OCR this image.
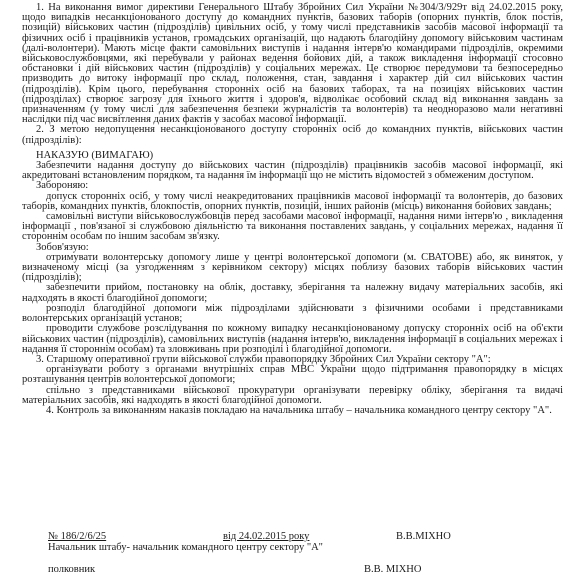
1. На виконання вимог директиви Генерального Штабу Збройних Сил України №304/3/929т від 24.02.2015 року, щодо випадків несанкціонованого доступу до командних пунктів, базових таборів (опорних пунктів, блок постів, позицій) військових частин (підрозділів) цивільних осіб, у тому числі представників засобів масової інформації та фізичних осіб і працівників установ, громадських організацій, що надають благодійну допомогу військовим частинам (далі-волонтери). Мають місце факти самовільних виступів і надання інтерв'ю командирами підрозділів, окремими військовослужбовцями, які перебували у районах ведення бойових дій, а також викладення інформації стосовно обстановки і дій військових частин (підрозділів) у соціальних мережах. Це створює передумови та безпосередньо призводить до витоку інформації про склад, положення, стан, завдання і характер дій сил військових частин (підрозділів). Крім цього, перебування сторонніх осіб на базових таборах, та на позиціях військових частин (підрозділах) створює загрозу для їхнього життя і здоров'я, відволікає особовий склад від виконання завдань за призначенням (у тому числі для забезпечення безпеки журналістів та волонтерів) та неодноразово мали негативні наслідки під час висвітлення даних фактів у засобах масової інформації.

2. З метою недопущення несанкціонованого доступу сторонніх осіб до командних пунктів, військових частин (підрозділів):

НАКАЗУЮ (ВИМАГАЮ)

Забезпечити надання доступу до військових частин (підрозділів) працівників засобів масової інформації, які акредитовані встановленим порядком, та надання їм інформації що не містить відомостей з обмеженим доступом.

Забороняю:

допуск сторонніх осіб, у тому числі неакредитованих працівників масової інформації та волонтерів, до базових таборів, командних пунктів, блокпостів, опорних пунктів, позицій, інших районів (місць) виконання бойових завдань;

самовільні виступи військовослужбовців перед засобами масової інформації, надання ними інтерв'ю , викладення інформації , пов'язаної зі службовою діяльністю та виконання поставлених завдань, у соціальних мережах, надання її стороннім особам по іншим засобам зв'язку.

Зобов'язую:

отримувати волонтерську допомогу лише у центрі волонтерської допомоги (м. СВАТОВЕ) або, як виняток, у визначеному місці (за узгодженням з керівником сектору) місцях поблизу базових таборів військових частин (підрозділів);

забезпечити прийом, постановку на облік, доставку, зберігання та належну видачу матеріальних засобів, які надходять в якості благодійної допомоги;

розподіл благодійної допомоги між підрозділами здійснювати з фізичними особами і представниками волонтерських організацій установ;

проводити службове розслідування по кожному випадку несанкціонованому допуску сторонніх осіб на об'єкти військових частин (підрозділів), самовільних виступів (надання інтерв'ю, викладення інформації в соціальних мережах і надання її стороннім особам) та зловживань при розподілі і благодійної допомоги.

3. Старшому оперативної групи військової служби правопорядку Збройних Сил України сектору "А":

організувати роботу з органами внутрішніх справ МВС України щодо підтримання правопорядку в місцях розташування центрів волонтерської допомоги;

спільно з представниками військової прокуратури організувати перевірку обліку, зберігання та видачі матеріальних засобів, які надходять в якості благодійної допомоги.

4. Контроль за виконанням наказів покладаю на начальника штабу – начальника командного центру сектору "А".

№ 186/2/6/25	від 24.02.2015 року	В.В.МІХНО
Начальник штабу- начальник командного центру сектору "А"
полковник	В.В. МІХНО
